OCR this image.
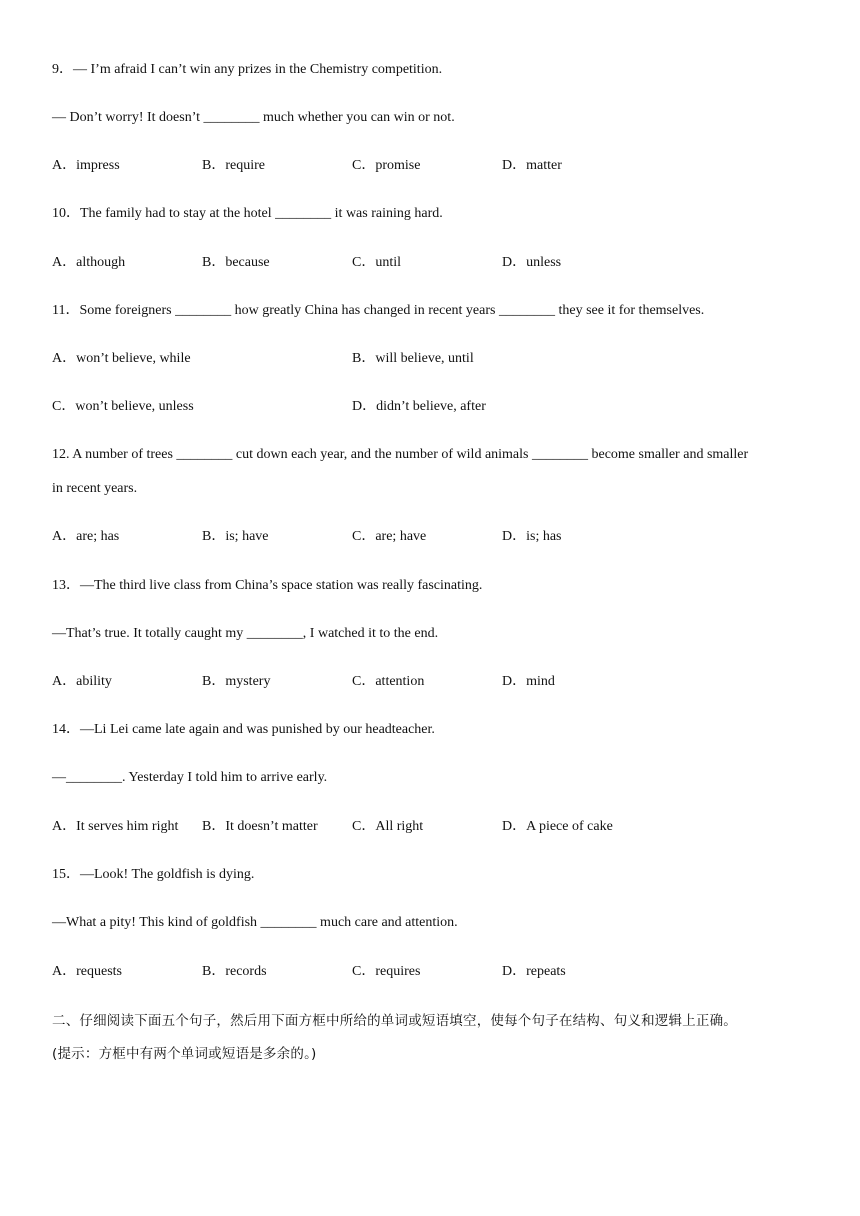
9．— I’m afraid I can’t win any prizes in the Chemistry competition.
— Don’t worry! It doesn’t ________ much whether you can win or not.
A．impress	B．require	C．promise	D．matter
10．The family had to stay at the hotel ________ it was raining hard.
A．although	B．because	C．until	D．unless
11．Some foreigners ________ how greatly China has changed in recent years ________ they see it for themselves.
A．won’t believe, while	B．will believe, until
C．won’t believe, unless	D．didn’t believe, after
12. A number of trees ________ cut down each year, and the number of wild animals ________ become smaller and smaller
in recent years.
A．are; has	B．is; have	C．are; have	D．is; has
13．—The third live class from China’s space station was really fascinating.
—That’s true. It totally caught my ________, I watched it to the end.
A．ability	B．mystery	C．attention	D．mind
14．—Li Lei came late again and was punished by our headteacher.
—________. Yesterday I told him to arrive early.
A．It serves him right B．It doesn’t matter C．All right	D．A piece of cake
15．—Look! The goldfish is dying.
—What a pity! This kind of goldfish ________ much care and attention.
A．requests	B．records	C．requires	D．repeats
二、仔细阅读下面五个句子，然后用下面方框中所给的单词或短语填空，使每个句子在结构、句义和逻辑上正确。
(提示：方框中有两个单词或短语是多余的。)
